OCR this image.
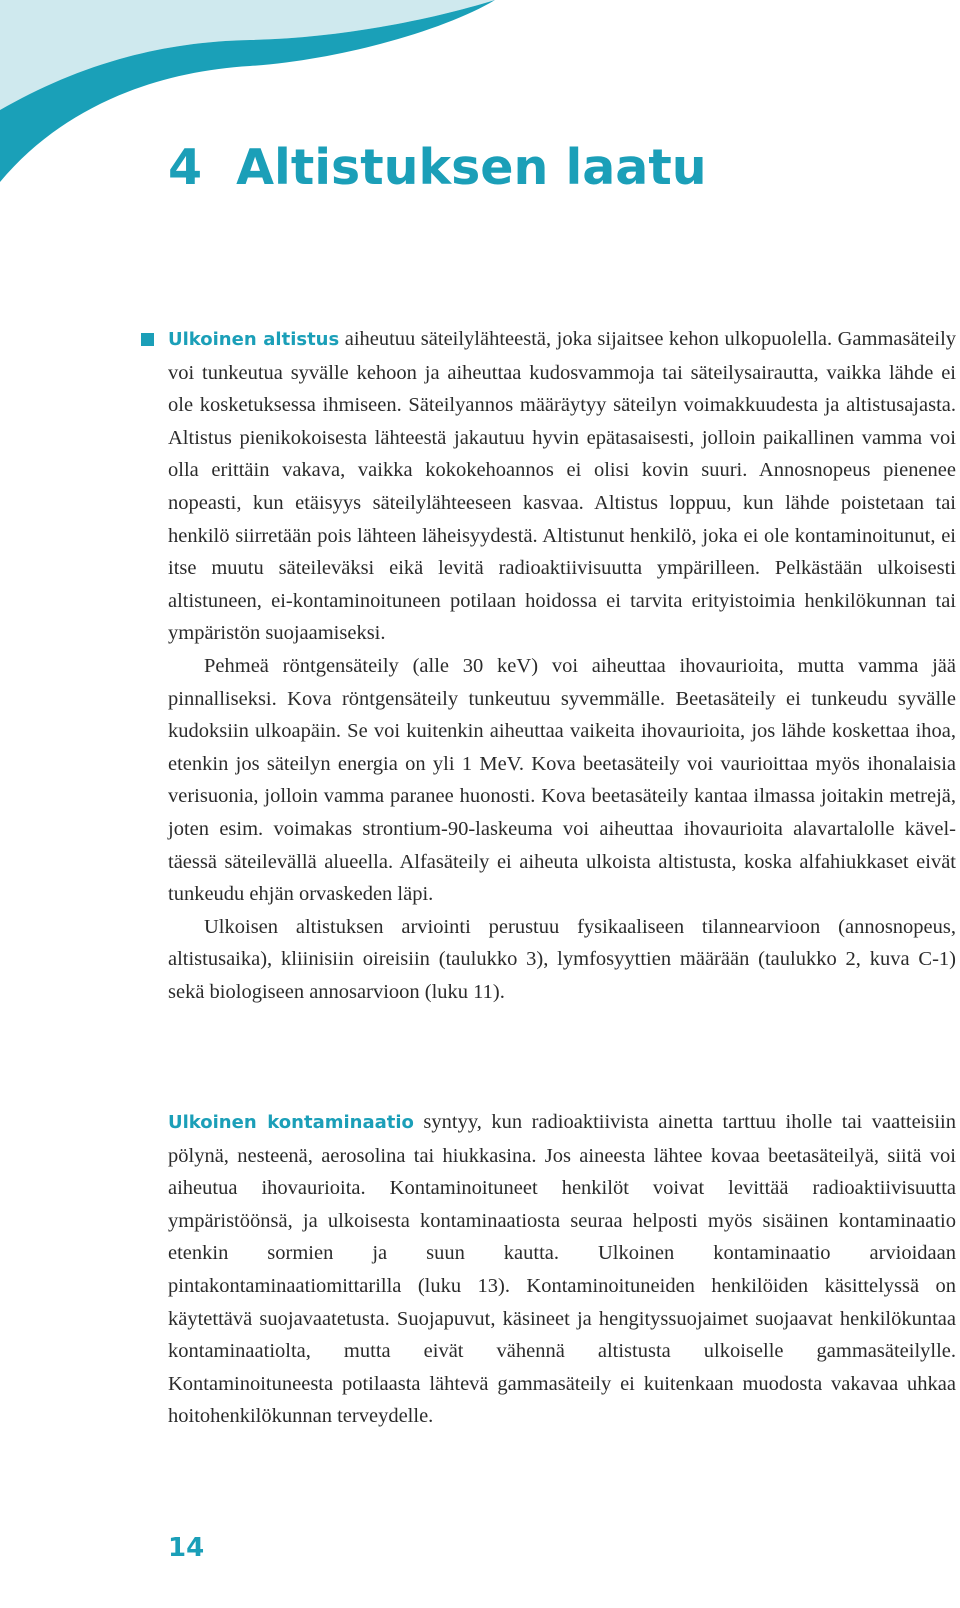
4 Altistuksen laatu

Ulkoinen altistus aiheutuu säteilylähteestä, joka sijaitsee kehon ulkopuolella. Gammasäteily voi tunkeutua syvälle kehoon ja aiheuttaa kudosvammoja tai säteilysairautta, vaikka lähde ei ole kosketuksessa ihmiseen. Säteilyannos määräytyy säteilyn voimakkuudesta ja altistusajasta. Altistus pienikokoisesta lähteestä jakautuu hyvin epätasaisesti, jolloin paikallinen vamma voi olla erittäin vakava, vaikka kokokehoannos ei olisi kovin suuri. Annosnopeus pienenee nopeasti, kun etäisyys säteilylähteeseen kasvaa. Altistus loppuu, kun lähde poistetaan tai henkilö siirretään pois lähteen läheisyydestä. Altistunut henkilö, joka ei ole kontaminoitunut, ei itse muutu säteileväksi eikä levitä radioaktiivisuutta ympärilleen. Pelkästään ulkoisesti altistuneen, ei-kontaminoituneen potilaan hoidossa ei tarvita erityistoimia henkilökunnan tai ympäristön suojaamiseksi.

Pehmeä röntgensäteily (alle 30 keV) voi aiheuttaa ihovaurioita, mutta vamma jää pinnalliseksi. Kova röntgensäteily tunkeutuu syvemmälle. Beetasäteily ei tunkeudu syvälle kudoksiin ulkoapäin. Se voi kuitenkin aiheuttaa vaikeita ihovaurioita, jos lähde koskettaa ihoa, etenkin jos säteilyn energia on yli 1 MeV. Kova beetasäteily voi vaurioittaa myös ihonalaisia verisuonia, jolloin vamma paranee huonosti. Kova beetasäteily kantaa ilmassa joitakin metrejä, joten esim. voimakas strontium-90-laskeuma voi aiheuttaa ihovaurioita alavartalolle käveltäessä säteilevällä alueella. Alfasäteily ei aiheuta ulkoista altistusta, koska alfahiukkaset eivät tunkeudu ehjän orvaskeden läpi.

Ulkoisen altistuksen arviointi perustuu fysikaaliseen tilannearvioon (annosnopeus, altistusaika), kliinisiin oireisiin (taulukko 3), lymfosyyttien määrään (taulukko 2, kuva C-1) sekä biologiseen annosarvioon (luku 11).

Ulkoinen kontaminaatio syntyy, kun radioaktiivista ainetta tarttuu iholle tai vaatteisiin pölynä, nesteenä, aerosolina tai hiukkasina. Jos aineesta lähtee kovaa beetasäteilyä, siitä voi aiheutua ihovaurioita. Kontaminoituneet henkilöt voivat levittää radioaktiivisuutta ympäristöönsä, ja ulkoisesta kontaminaatiosta seuraa helposti myös sisäinen kontaminaatio etenkin sormien ja suun kautta. Ulkoinen kontaminaatio arvioidaan pintakontaminaatiomittarilla (luku 13). Kontaminoituneiden henkilöiden käsittelyssä on käytettävä suojavaatetusta. Suojapuvut, käsineet ja hengityssuojaimet suojaavat henkilökuntaa kontaminaatiolta, mutta eivät vähennä altistusta ulkoiselle gammasäteilylle. Kontaminoituneesta potilaasta lähtevä gammasäteily ei kuitenkaan muodosta vakavaa uhkaa hoitohenkilökunnan terveydelle.

14
